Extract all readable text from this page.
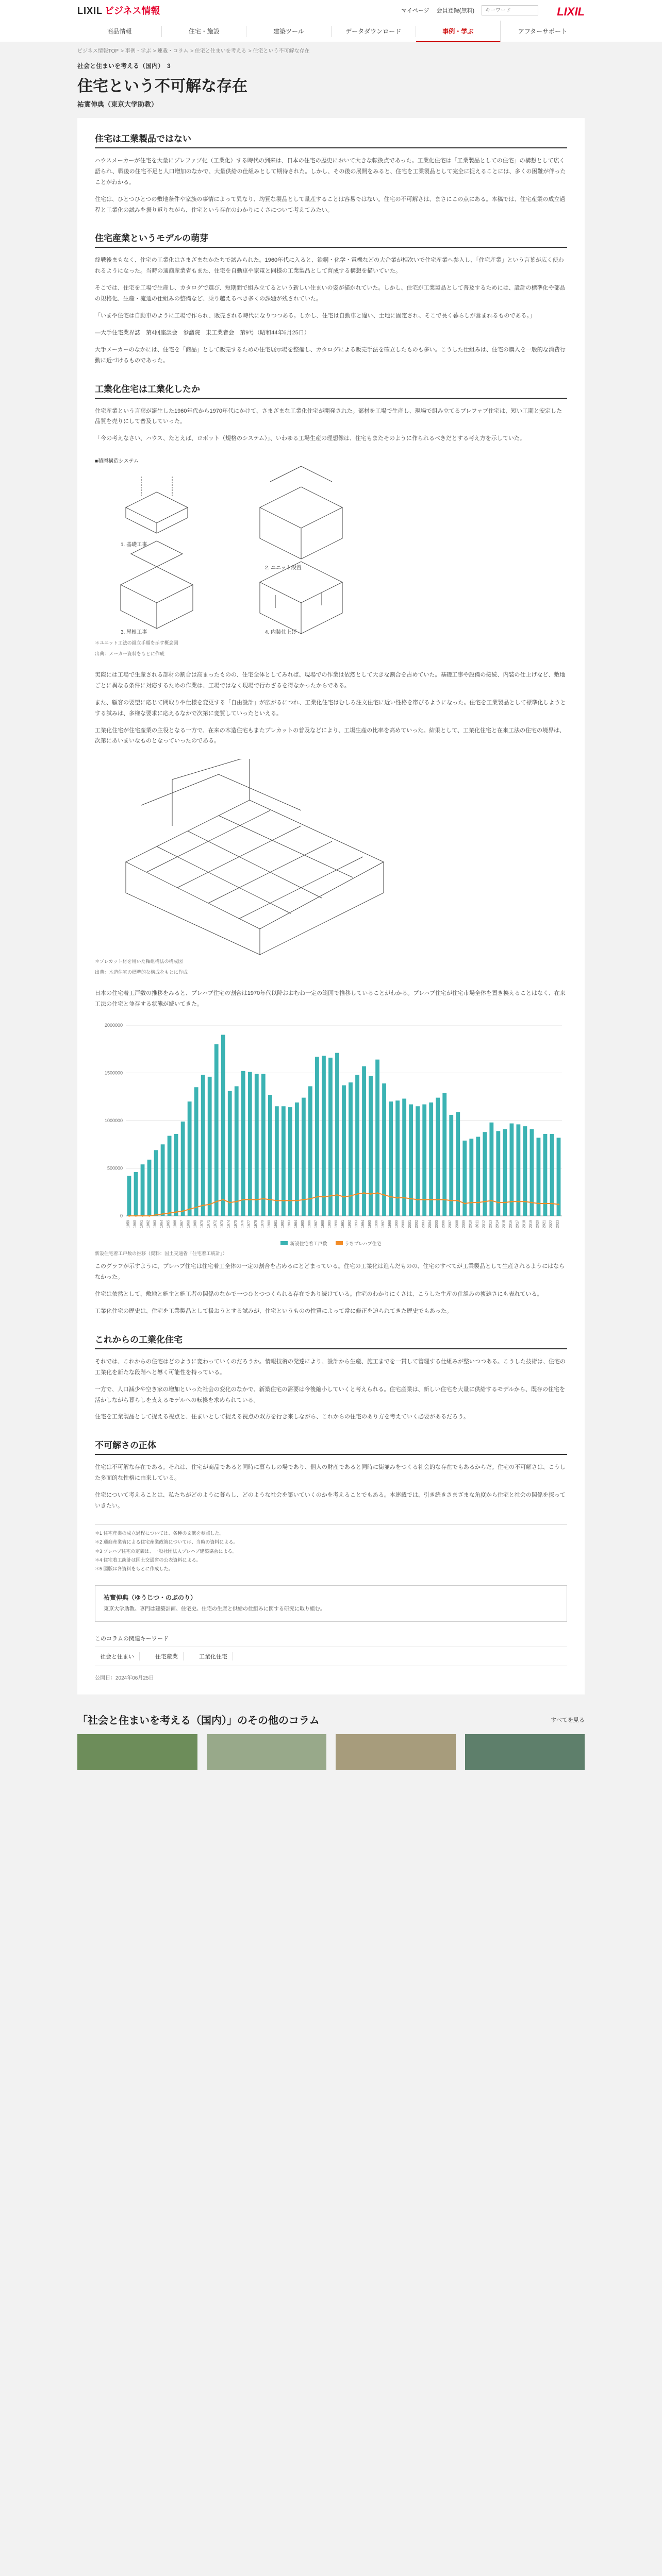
LIXIL ビジネス情報	マイページ 会員登録(無料)
キーワード	LIXIL
商品情報	住宅・施設	建築ツール	データダウンロード	事例・学ぶ	アフターサポート
ビジネス情報TOP > 事例・学ぶ > 連載・コラム > 住宅と住まいを考える > 住宅という不可解な存在
社会と住まいを考える（国内）　3
住宅という不可解な存在
祐實伸典（東京大学助教）
住宅は工業製品ではない

ハウスメーカーが住宅を大量にプレファブ化（工業化）する時代の到来は、日本の住宅の歴史において大きな転換点であった。工業化住宅は「工業製品としての住宅」の構想として広く語られ、戦後の住宅不足と人口増加のなかで、大量供給の仕組みとして期待された。しかし、その後の展開をみると、住宅を工業製品として完全に捉えることには、多くの困難が伴ったことがわかる。

住宅は、ひとつひとつの敷地条件や家族の事情によって異なり、均質な製品として量産することは容易ではない。住宅の不可解さは、まさにこの点にある。本稿では、住宅産業の成立過程と工業化の試みを振り返りながら、住宅という存在のわかりにくさについて考えてみたい。

住宅産業というモデルの萌芽

終戦後まもなく、住宅の工業化はさまざまなかたちで試みられた。1960年代に入ると、鉄鋼・化学・電機などの大企業が相次いで住宅産業へ参入し、「住宅産業」という言葉が広く使われるようになった。当時の通商産業省もまた、住宅を自動車や家電と同様の工業製品として育成する構想を描いていた。

そこでは、住宅を工場で生産し、カタログで選び、短期間で組み立てるという新しい住まいの姿が描かれていた。しかし、住宅が工業製品として普及するためには、設計の標準化や部品の規格化、生産・流通の仕組みの整備など、乗り越えるべき多くの課題が残されていた。

「いまや住宅は自動車のように工場で作られ、販売される時代になりつつある。しかし、住宅は自動車と違い、土地に固定され、そこで長く暮らしが営まれるものである。」

―大手住宅業界誌　第4回座談会　参議院　東工業者会　第9号（昭和44年6月25日）

大手メーカーのなかには、住宅を「商品」として販売するための住宅展示場を整備し、カタログによる販売手法を確立したものも多い。こうした仕組みは、住宅の購入を一般的な消費行動に近づけるものであった。

工業化住宅は工業化したか

住宅産業という言葉が誕生した1960年代から1970年代にかけて、さまざまな工業化住宅が開発された。部材を工場で生産し、現場で組み立てるプレファブ住宅は、短い工期と安定した品質を売りにして普及していった。

「今の考えなさい、ハウス、たとえば、ロボット（規格のシステム）」、いわゆる工場生産の理想像は、住宅もまたそのように作られるべきだとする考え方を示していた。

■積層構造システム
1. 基礎工事
2. ユニット設置
3. 屋根工事	4. 内装仕上げ
＊ユニット工法の組立手順を示す概念図
出典：メーカー資料をもとに作成

実際には工場で生産される部材の割合は高まったものの、住宅全体としてみれば、現場での作業は依然として大きな割合を占めていた。基礎工事や設備の接続、内装の仕上げなど、敷地ごとに異なる条件に対応するための作業は、工場ではなく現場で行わざるを得なかったからである。

また、顧客の要望に応じて間取りや仕様を変更する「自由設計」が広がるにつれ、工業化住宅はむしろ注文住宅に近い性格を帯びるようになった。住宅を工業製品として標準化しようとする試みは、多様な要求に応えるなかで次第に変質していったといえる。

工業化住宅が住宅産業の主役となる一方で、在来の木造住宅もまたプレカットの普及などにより、工場生産の比率を高めていった。結果として、工業化住宅と在来工法の住宅の境界は、次第にあいまいなものとなっていったのである。

＊プレカット材を用いた軸組構法の構成図
出典：木造住宅の標準的な構成をもとに作成

日本の住宅着工戸数の推移をみると、プレハブ住宅の割合は1970年代以降おおむね一定の範囲で推移していることがわかる。プレハブ住宅が住宅市場全体を置き換えることはなく、在来工法の住宅と並存する状態が続いてきた。

0
500000
1000000
1500000
2000000
1959 1960 1961 1962 1963 1964 1965 1966 1967 1968 1969 1970 1971 1972 1973 1974 1975 1976 1977 1978 1979 1980 1981 1982 1983 1984 1985 1986 1987 1988 1989 1990 1991 1992 1993 1994 1995 1996 1997 1998 1999 2000 2001 2002 2003 2004 2005 2006 2007 2008 2009 2010 2011 2012 2013 2014 2015 2016 2017 2018 2019 2020 2021 2022 2023
新設住宅着工戸数	うちプレハブ住宅
新設住宅着工戸数の推移（資料：国土交通省「住宅着工統計」）

このグラフが示すように、プレハブ住宅は住宅着工全体の一定の割合を占めるにとどまっている。住宅の工業化は進んだものの、住宅のすべてが工業製品として生産されるようにはならなかった。

住宅は依然として、敷地と施主と施工者の関係のなかで一つひとつつくられる存在であり続けている。住宅のわかりにくさは、こうした生産の仕組みの複雑さにも表れている。

工業化住宅の歴史は、住宅を工業製品として扱おうとする試みが、住宅というものの性質によって常に修正を迫られてきた歴史でもあった。

これからの工業化住宅

それでは、これからの住宅はどのように変わっていくのだろうか。情報技術の発達により、設計から生産、施工までを一貫して管理する仕組みが整いつつある。こうした技術は、住宅の工業化を新たな段階へと導く可能性を持っている。

一方で、人口減少や空き家の増加といった社会の変化のなかで、新築住宅の需要は今後縮小していくと考えられる。住宅産業は、新しい住宅を大量に供給するモデルから、既存の住宅を活かしながら暮らしを支えるモデルへの転換を求められている。

住宅を工業製品として捉える視点と、住まいとして捉える視点の双方を行き来しながら、これからの住宅のあり方を考えていく必要があるだろう。

不可解さの正体

住宅は不可解な存在である。それは、住宅が商品であると同時に暮らしの場であり、個人の財産であると同時に街並みをつくる社会的な存在でもあるからだ。住宅の不可解さは、こうした多面的な性格に由来している。

住宅について考えることは、私たちがどのように暮らし、どのような社会を築いていくのかを考えることでもある。本連載では、引き続きさまざまな角度から住宅と社会の関係を探っていきたい。

＊1 住宅産業の成立過程については、各種の文献を参照した。

＊2 通商産業省による住宅産業政策については、当時の資料による。

＊3 プレハブ住宅の定義は、一般社団法人プレハブ建築協会による。

＊4 住宅着工統計は国土交通省の公表資料による。

＊5 図版は各資料をもとに作成した。

祐實伸典（ゆうじつ・のぶのり）

東京大学助教。専門は建築計画、住宅史。住宅の生産と供給の仕組みに関する研究に取り組む。

このコラムの関連キーワード
社会と住まい	住宅産業	工業化住宅
公開日：2024年06月25日
「社会と住まいを考える（国内）」のその他のコラム	すべてを見る
